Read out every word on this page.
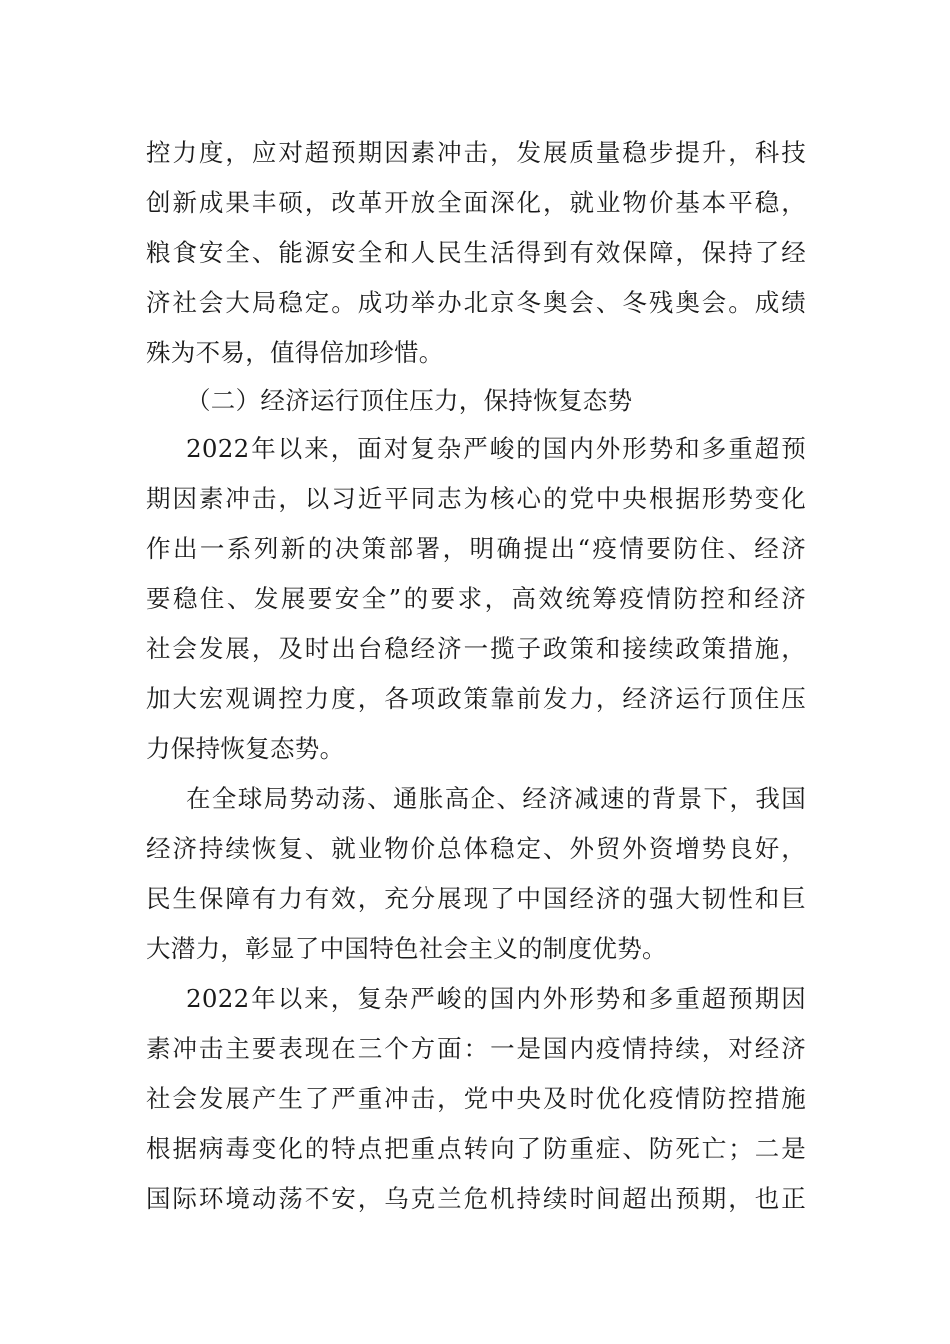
控力度，应对超预期因素冲击，发展质量稳步提升，科技
创新成果丰硕，改革开放全面深化，就业物价基本平稳，
粮食安全、能源安全和人民生活得到有效保障，保持了经
济社会大局稳定。成功举办北京冬奥会、冬残奥会。成绩
殊为不易，值得倍加珍惜。
（二）经济运行顶住压力，保持恢复态势
2022年以来，面对复杂严峻的国内外形势和多重超预
期因素冲击，以习近平同志为核心的党中央根据形势变化
作出一系列新的决策部署，明确提出“疫情要防住、经济
要稳住、发展要安全”的要求，高效统筹疫情防控和经济
社会发展，及时出台稳经济一揽子政策和接续政策措施，
加大宏观调控力度，各项政策靠前发力，经济运行顶住压
力保持恢复态势。
在全球局势动荡、通胀高企、经济减速的背景下，我国
经济持续恢复、就业物价总体稳定、外贸外资增势良好，
民生保障有力有效，充分展现了中国经济的强大韧性和巨
大潜力，彰显了中国特色社会主义的制度优势。
2022年以来，复杂严峻的国内外形势和多重超预期因
素冲击主要表现在三个方面：一是国内疫情持续，对经济
社会发展产生了严重冲击，党中央及时优化疫情防控措施
根据病毒变化的特点把重点转向了防重症、防死亡；二是
国际环境动荡不安，乌克兰危机持续时间超出预期，也正
